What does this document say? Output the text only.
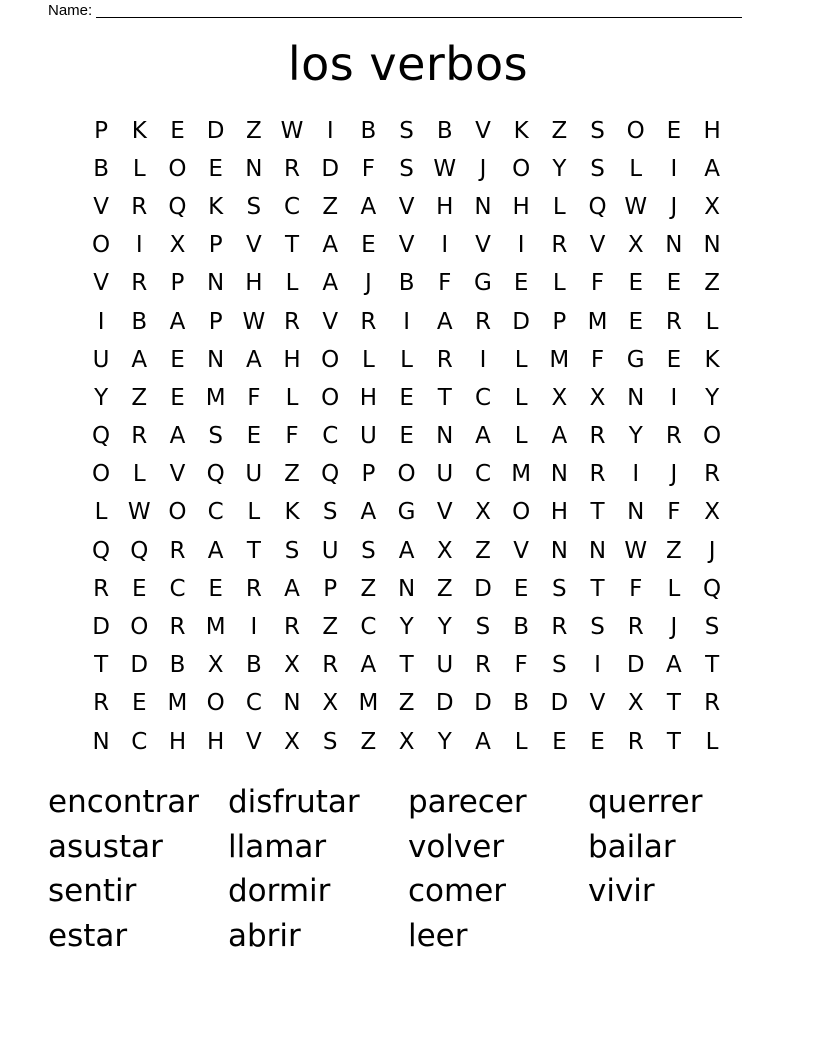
Name:
los verbos
P	K	E D Z W	I	B S	B V K Z	S O E H
B	L O E N R D F	S W	J	O Y	S	L	I	A
V R Q K	S C Z A V H N H	L Q W	J	X
O	I	X	P	V	T	A	E	V	I	V	I	R V X N N
V R	P N H	L	A	J	B	F G E	L	F	E	E	Z
I	B A	P W R V R	I	A R D P M E R	L
U A	E N A H O L	L	R	I	L M F G E	K
Y	Z	E M F	L O H E	T	C	L	X X N	I	Y
Q R A	S	E	F	C U E N A	L	A R	Y	R O
O L	V Q U Z Q P O U C M N R	I	J	R
L W O C	L	K	S	A G V X O H T N F	X
Q Q R A	T	S U S	A X Z V N N W Z	J
R E C E R A	P	Z N Z D E	S	T	F	L Q
D O R M	I	R Z C	Y	Y	S	B R S R	J	S
T D B X B X R A	T U R	F	S	I	D A	T
R E M O C N X M Z D D B D V X	T	R
N C H H V X	S	Z X	Y	A	L	E	E R	T	L
encontrar disfrutar	parecer	querrer
asustar	llamar	volver	bailar
sentir	dormir	comer	vivir
estar	abrir	leer
